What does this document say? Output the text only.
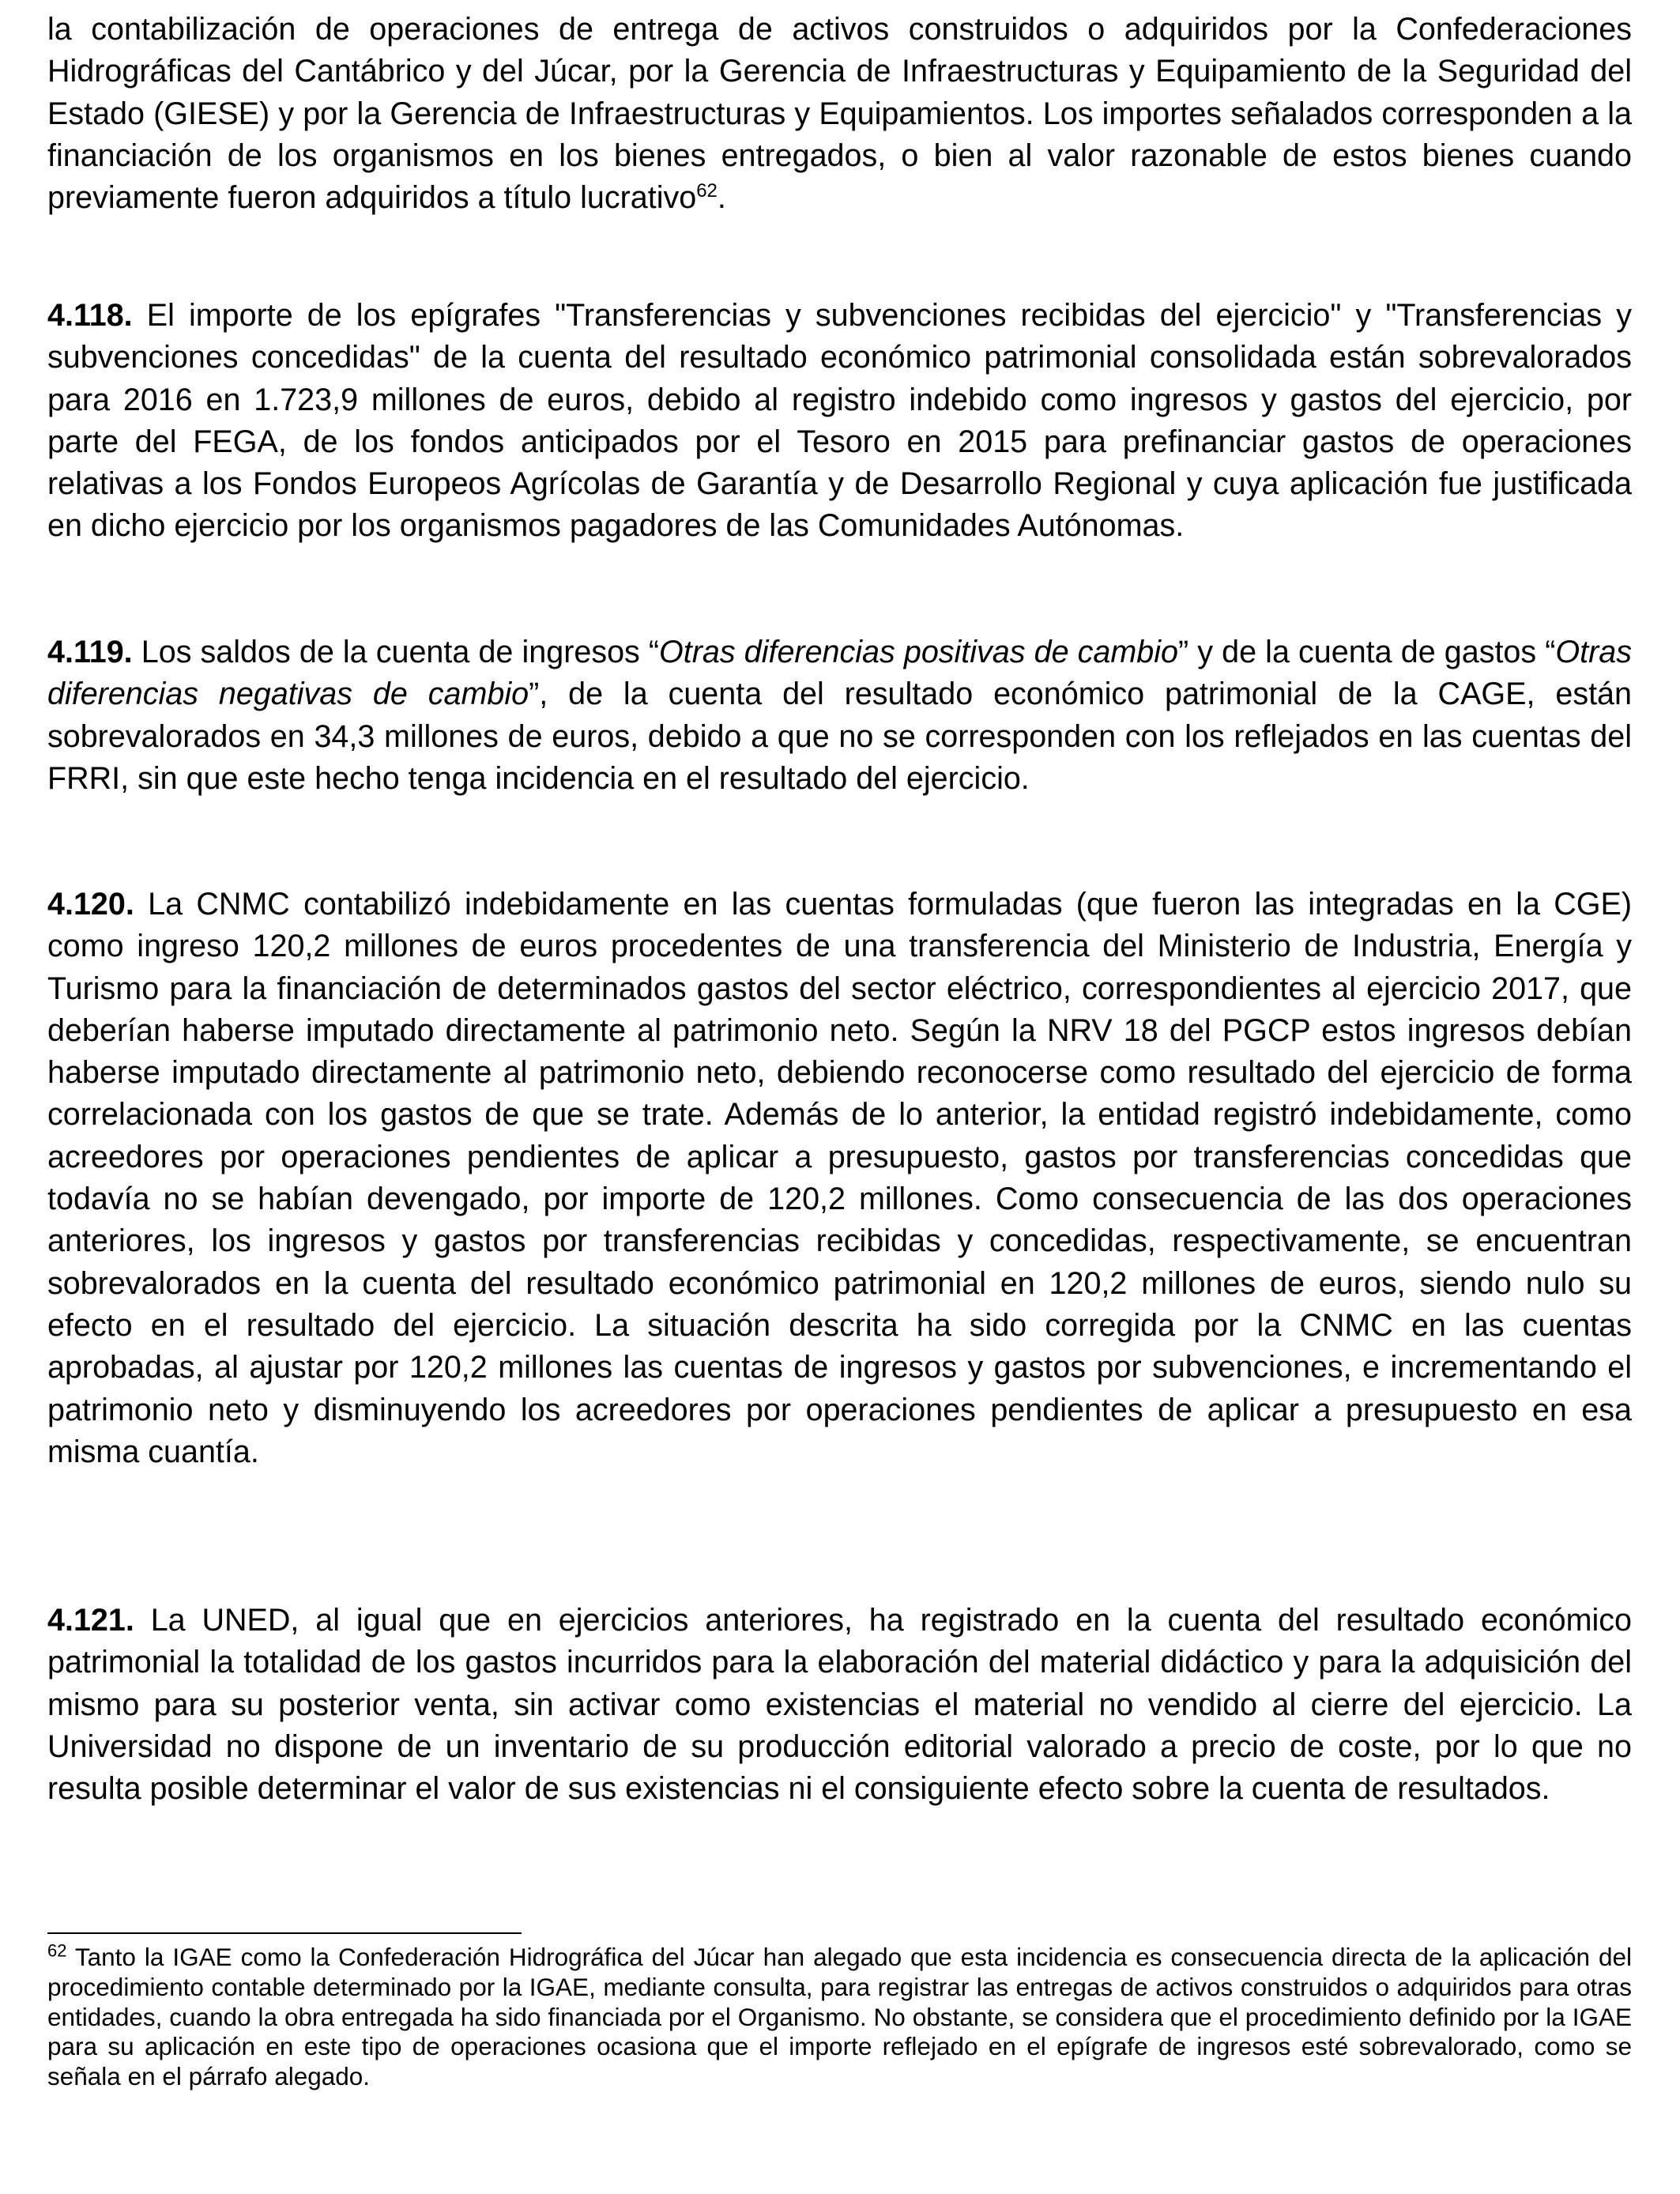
la contabilización de operaciones de entrega de activos construidos o adquiridos por la Confederaciones Hidrográficas del Cantábrico y del Júcar, por la Gerencia de Infraestructuras y Equipamiento de la Seguridad del Estado (GIESE) y por la Gerencia de Infraestructuras y Equipamientos. Los importes señalados corresponden a la financiación de los organismos en los bienes entregados, o bien al valor razonable de estos bienes cuando previamente fueron adquiridos a título lucrativo$^{62}$.

4.118. El importe de los epígrafes "Transferencias y subvenciones recibidas del ejercicio" y "Transferencias y subvenciones concedidas" de la cuenta del resultado económico patrimonial consolidada están sobrevalorados para 2016 en 1.723,9 millones de euros, debido al registro indebido como ingresos y gastos del ejercicio, por parte del FEGA, de los fondos anticipados por el Tesoro en 2015 para prefinanciar gastos de operaciones relativas a los Fondos Europeos Agrícolas de Garantía y de Desarrollo Regional y cuya aplicación fue justificada en dicho ejercicio por los organismos pagadores de las Comunidades Autónomas.

4.119. Los saldos de la cuenta de ingresos “Otras diferencias positivas de cambio” y de la cuenta de gastos “Otras diferencias negativas de cambio”, de la cuenta del resultado económico patrimonial de la CAGE, están sobrevalorados en 34,3 millones de euros, debido a que no se corresponden con los reflejados en las cuentas del FRRI, sin que este hecho tenga incidencia en el resultado del ejercicio.

4.120. La CNMC contabilizó indebidamente en las cuentas formuladas (que fueron las integradas en la CGE) como ingreso 120,2 millones de euros procedentes de una transferencia del Ministerio de Industria, Energía y Turismo para la financiación de determinados gastos del sector eléctrico, correspondientes al ejercicio 2017, que deberían haberse imputado directamente al patrimonio neto. Según la NRV 18 del PGCP estos ingresos debían haberse imputado directamente al patrimonio neto, debiendo reconocerse como resultado del ejercicio de forma correlacionada con los gastos de que se trate. Además de lo anterior, la entidad registró indebidamente, como acreedores por operaciones pendientes de aplicar a presupuesto, gastos por transferencias concedidas que todavía no se habían devengado, por importe de 120,2 millones. Como consecuencia de las dos operaciones anteriores, los ingresos y gastos por transferencias recibidas y concedidas, respectivamente, se encuentran sobrevalorados en la cuenta del resultado económico patrimonial en 120,2 millones de euros, siendo nulo su efecto en el resultado del ejercicio. La situación descrita ha sido corregida por la CNMC en las cuentas aprobadas, al ajustar por 120,2 millones las cuentas de ingresos y gastos por subvenciones, e incrementando el patrimonio neto y disminuyendo los acreedores por operaciones pendientes de aplicar a presupuesto en esa misma cuantía.

4.121. La UNED, al igual que en ejercicios anteriores, ha registrado en la cuenta del resultado económico patrimonial la totalidad de los gastos incurridos para la elaboración del material didáctico y para la adquisición del mismo para su posterior venta, sin activar como existencias el material no vendido al cierre del ejercicio. La Universidad no dispone de un inventario de su producción editorial valorado a precio de coste, por lo que no resulta posible determinar el valor de sus existencias ni el consiguiente efecto sobre la cuenta de resultados.

$^{62}$ Tanto la IGAE como la Confederación Hidrográfica del Júcar han alegado que esta incidencia es consecuencia directa de la aplicación del procedimiento contable determinado por la IGAE, mediante consulta, para registrar las entregas de activos construidos o adquiridos para otras entidades, cuando la obra entregada ha sido financiada por el Organismo. No obstante, se considera que el procedimiento definido por la IGAE para su aplicación en este tipo de operaciones ocasiona que el importe reflejado en el epígrafe de ingresos esté sobrevalorado, como se señala en el párrafo alegado.
